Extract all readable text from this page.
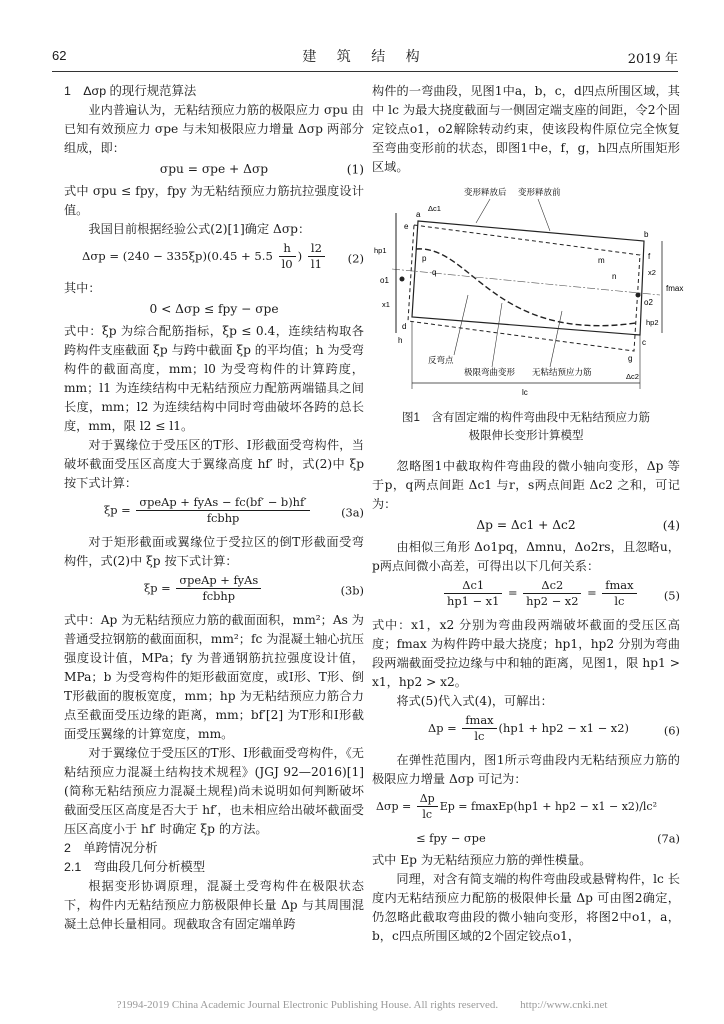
62	建 筑 结 构	2019 年

1　Δσp 的现行规范算法

业内普遍认为，无粘结预应力筋的极限应力 σpu 由已知有效预应力 σpe 与未知极限应力增量 Δσp 两部分组成，即：

σpu = σpe + Δσp	(1)

式中 σpu ≤ fpy，fpy 为无粘结预应力筋抗拉强度设计值。

我国目前根据经验公式(2)[1]确定 Δσp：

$\Delta\sigma p = (240 - 335\xi p)(0.45 + 5.5 \frac{h}{l0}$ ) $\frac{l2}{l1} (2)$

其中：

0 < Δσp ≤ fpy − σpe

式中：ξp 为综合配筋指标，ξp ≤ 0.4，连续结构取各跨构件支座截面 ξp 与跨中截面 ξp 的平均值；h 为受弯构件的截面高度，mm；l0 为受弯构件的计算跨度，mm；l1 为连续结构中无粘结预应力配筋两端锚具之间长度，mm；l2 为连续结构中同时弯曲破坏各跨的总长度，mm，限 l2 ≤ l1。

对于翼缘位于受压区的T形、I形截面受弯构件，当破坏截面受压区高度大于翼缘高度 hf′ 时，式(2)中 ξp 按下式计算：

$\xi p = \frac{\text{σpeAp + fyAs − fc(bf′ − b)hf′}}{\text{fcbhp}}$	(3a)

对于矩形截面或翼缘位于受拉区的倒T形截面受弯构件，式(2)中 ξp 按下式计算：

$\xi p = \frac{\text{σpeAp + fyAs}}{\text{fcbhp}}$	(3b)

式中：Ap 为无粘结预应力筋的截面面积，mm²；As 为普通受拉钢筋的截面面积，mm²；fc 为混凝土轴心抗压强度设计值，MPa；fy 为普通钢筋抗拉强度设计值，MPa；b 为受弯构件的矩形截面宽度，或I形、T形、倒T形截面的腹板宽度，mm；hp 为无粘结预应力筋合力点至截面受压边缘的距离，mm；bf′[2] 为T形和I形截面受压翼缘的计算宽度，mm。

对于翼缘位于受压区的T形、I形截面受弯构件，《无粘结预应力混凝土结构技术规程》(JGJ 92—2016)[1](简称无粘结预应力混凝土规程)尚未说明如何判断破坏截面受压区高度是否大于 hf′，也未相应给出破坏截面受压区高度小于 hf′ 时确定 ξp 的方法。

2　单跨情况分析

2.1　弯曲段几何分析模型

根据变形协调原理，混凝土受弯构件在极限状态下，构件内无粘结预应力筋极限伸长量 Δp 与其周围混凝土总伸长量相同。现截取含有固定端单跨

构件的一弯曲段，见图1中a，b，c，d四点所围区域，其中 lc 为最大挠度截面与一侧固定端支座的间距，令2个固定铰点o1，o2解除转动约束，使该段构件原位完全恢复至弯曲变形前的状态，即图1中e，f，g，h四点所围矩形区域。

变形释放后 变形释放前
反弯点
极限弯曲变形 无粘结预应力筋
a
b
c
d
e
f
g
h
o1
o2
m
n
p
q
fmax
lc
hp1
hp2
x1
x2
Δc1
Δc2
图1　含有固定端的构件弯曲段中无粘结预应力筋
极限伸长变形计算模型

忽略图1中截取构件弯曲段的微小轴向变形，Δp 等于p，q两点间距 Δc1 与r，s两点间距 Δc2 之和，可记为：

Δp = Δc1 + Δc2	(4)

由相似三角形 Δo1pq，Δmnu，Δo2rs，且忽略u，p两点间微小高差，可得出以下几何关系：

$\frac{\Delta c1}{hp1 - x1} = \frac{\Delta c2}{hp2 - x2} = \frac{fmax}{lc} (5)$

式中：x1，x2 分别为弯曲段两端破坏截面的受压区高度；fmax 为构件跨中最大挠度；hp1，hp2 分别为弯曲段两端截面受拉边缘与中和轴的距离，见图1，限 hp1 > x1，hp2 > x2。

将式(5)代入式(4)，可解出：

$\Delta p = \frac{fmax}{lc} (hp1 + hp2 - x1 - x2)$	(6)

在弹性范围内，图1所示弯曲段内无粘结预应力筋的极限应力增量 Δσp 可记为：

$\Delta\sigma p = \frac{\Delta p}{lc}$ Ep = fmaxEp(hp1 + hp2 − x1 − x2)/lc²
≤ fpy − σpe	(7a)

式中 Ep 为无粘结预应力筋的弹性模量。

同理，对含有简支端的构件弯曲段或悬臂构件，lc 长度内无粘结预应力配筋的极限伸长量 Δp 可由图2确定，仍忽略此截取弯曲段的微小轴向变形，将图2中o1，a，b，c四点所围区域的2个固定铰点o1，

?1994-2019 China Academic Journal Electronic Publishing House. All rights reserved.　　http://www.cnki.net
